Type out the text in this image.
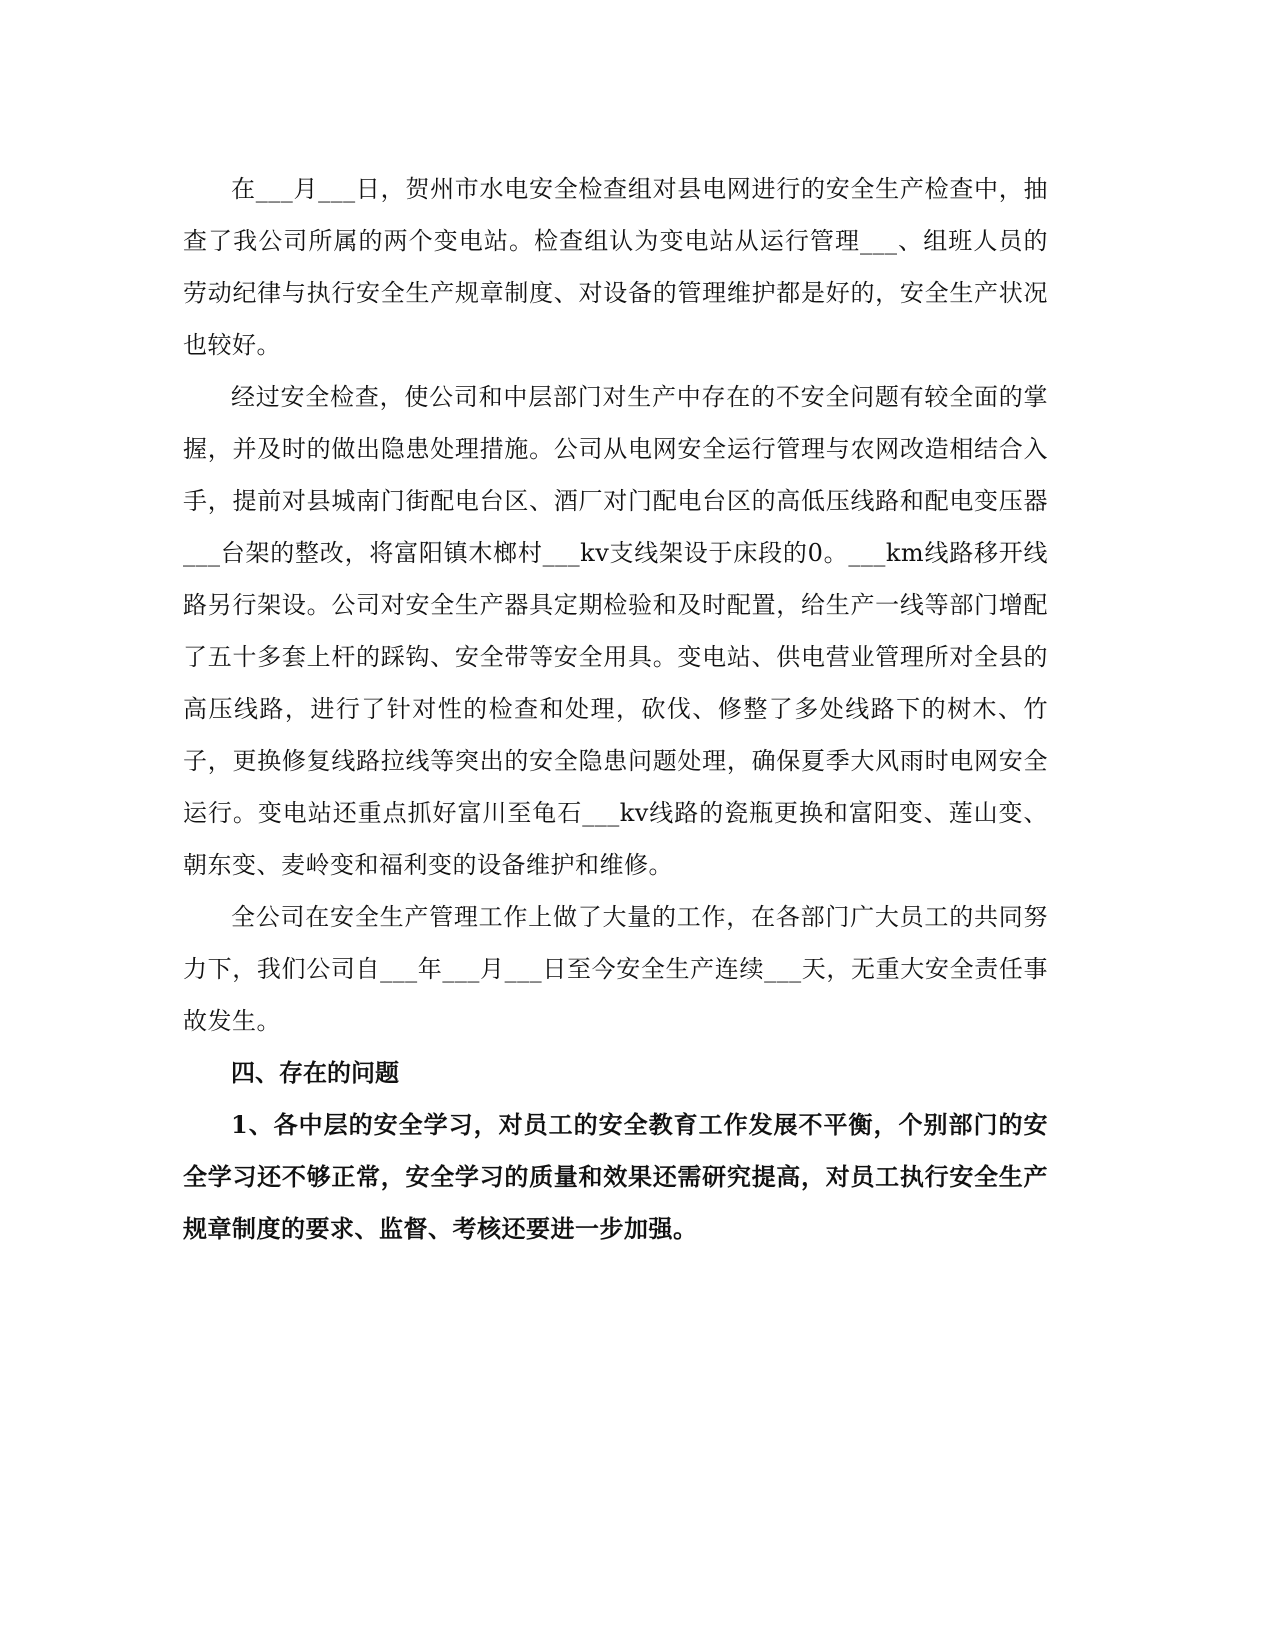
在___月___日，贺州市水电安全检查组对县电网进行的安全生产检查中，抽查了我公司所属的两个变电站。检查组认为变电站从运行管理___、组班人员的劳动纪律与执行安全生产规章制度、对设备的管理维护都是好的，安全生产状况也较好。

经过安全检查，使公司和中层部门对生产中存在的不安全问题有较全面的掌握，并及时的做出隐患处理措施。公司从电网安全运行管理与农网改造相结合入手，提前对县城南门街配电台区、酒厂对门配电台区的高低压线路和配电变压器___台架的整改，将富阳镇木榔村___kv支线架设于床段的0。___km线路移开线路另行架设。公司对安全生产器具定期检验和及时配置，给生产一线等部门增配了五十多套上杆的踩钩、安全带等安全用具。变电站、供电营业管理所对全县的高压线路，进行了针对性的检查和处理，砍伐、修整了多处线路下的树木、竹子，更换修复线路拉线等突出的安全隐患问题处理，确保夏季大风雨时电网安全运行。变电站还重点抓好富川至龟石___kv线路的瓷瓶更换和富阳变、莲山变、朝东变、麦岭变和福利变的设备维护和维修。

全公司在安全生产管理工作上做了大量的工作，在各部门广大员工的共同努力下，我们公司自___年___月___日至今安全生产连续___天，无重大安全责任事故发生。

四、存在的问题

1、各中层的安全学习，对员工的安全教育工作发展不平衡，个别部门的安全学习还不够正常，安全学习的质量和效果还需研究提高，对员工执行安全生产规章制度的要求、监督、考核还要进一步加强。
